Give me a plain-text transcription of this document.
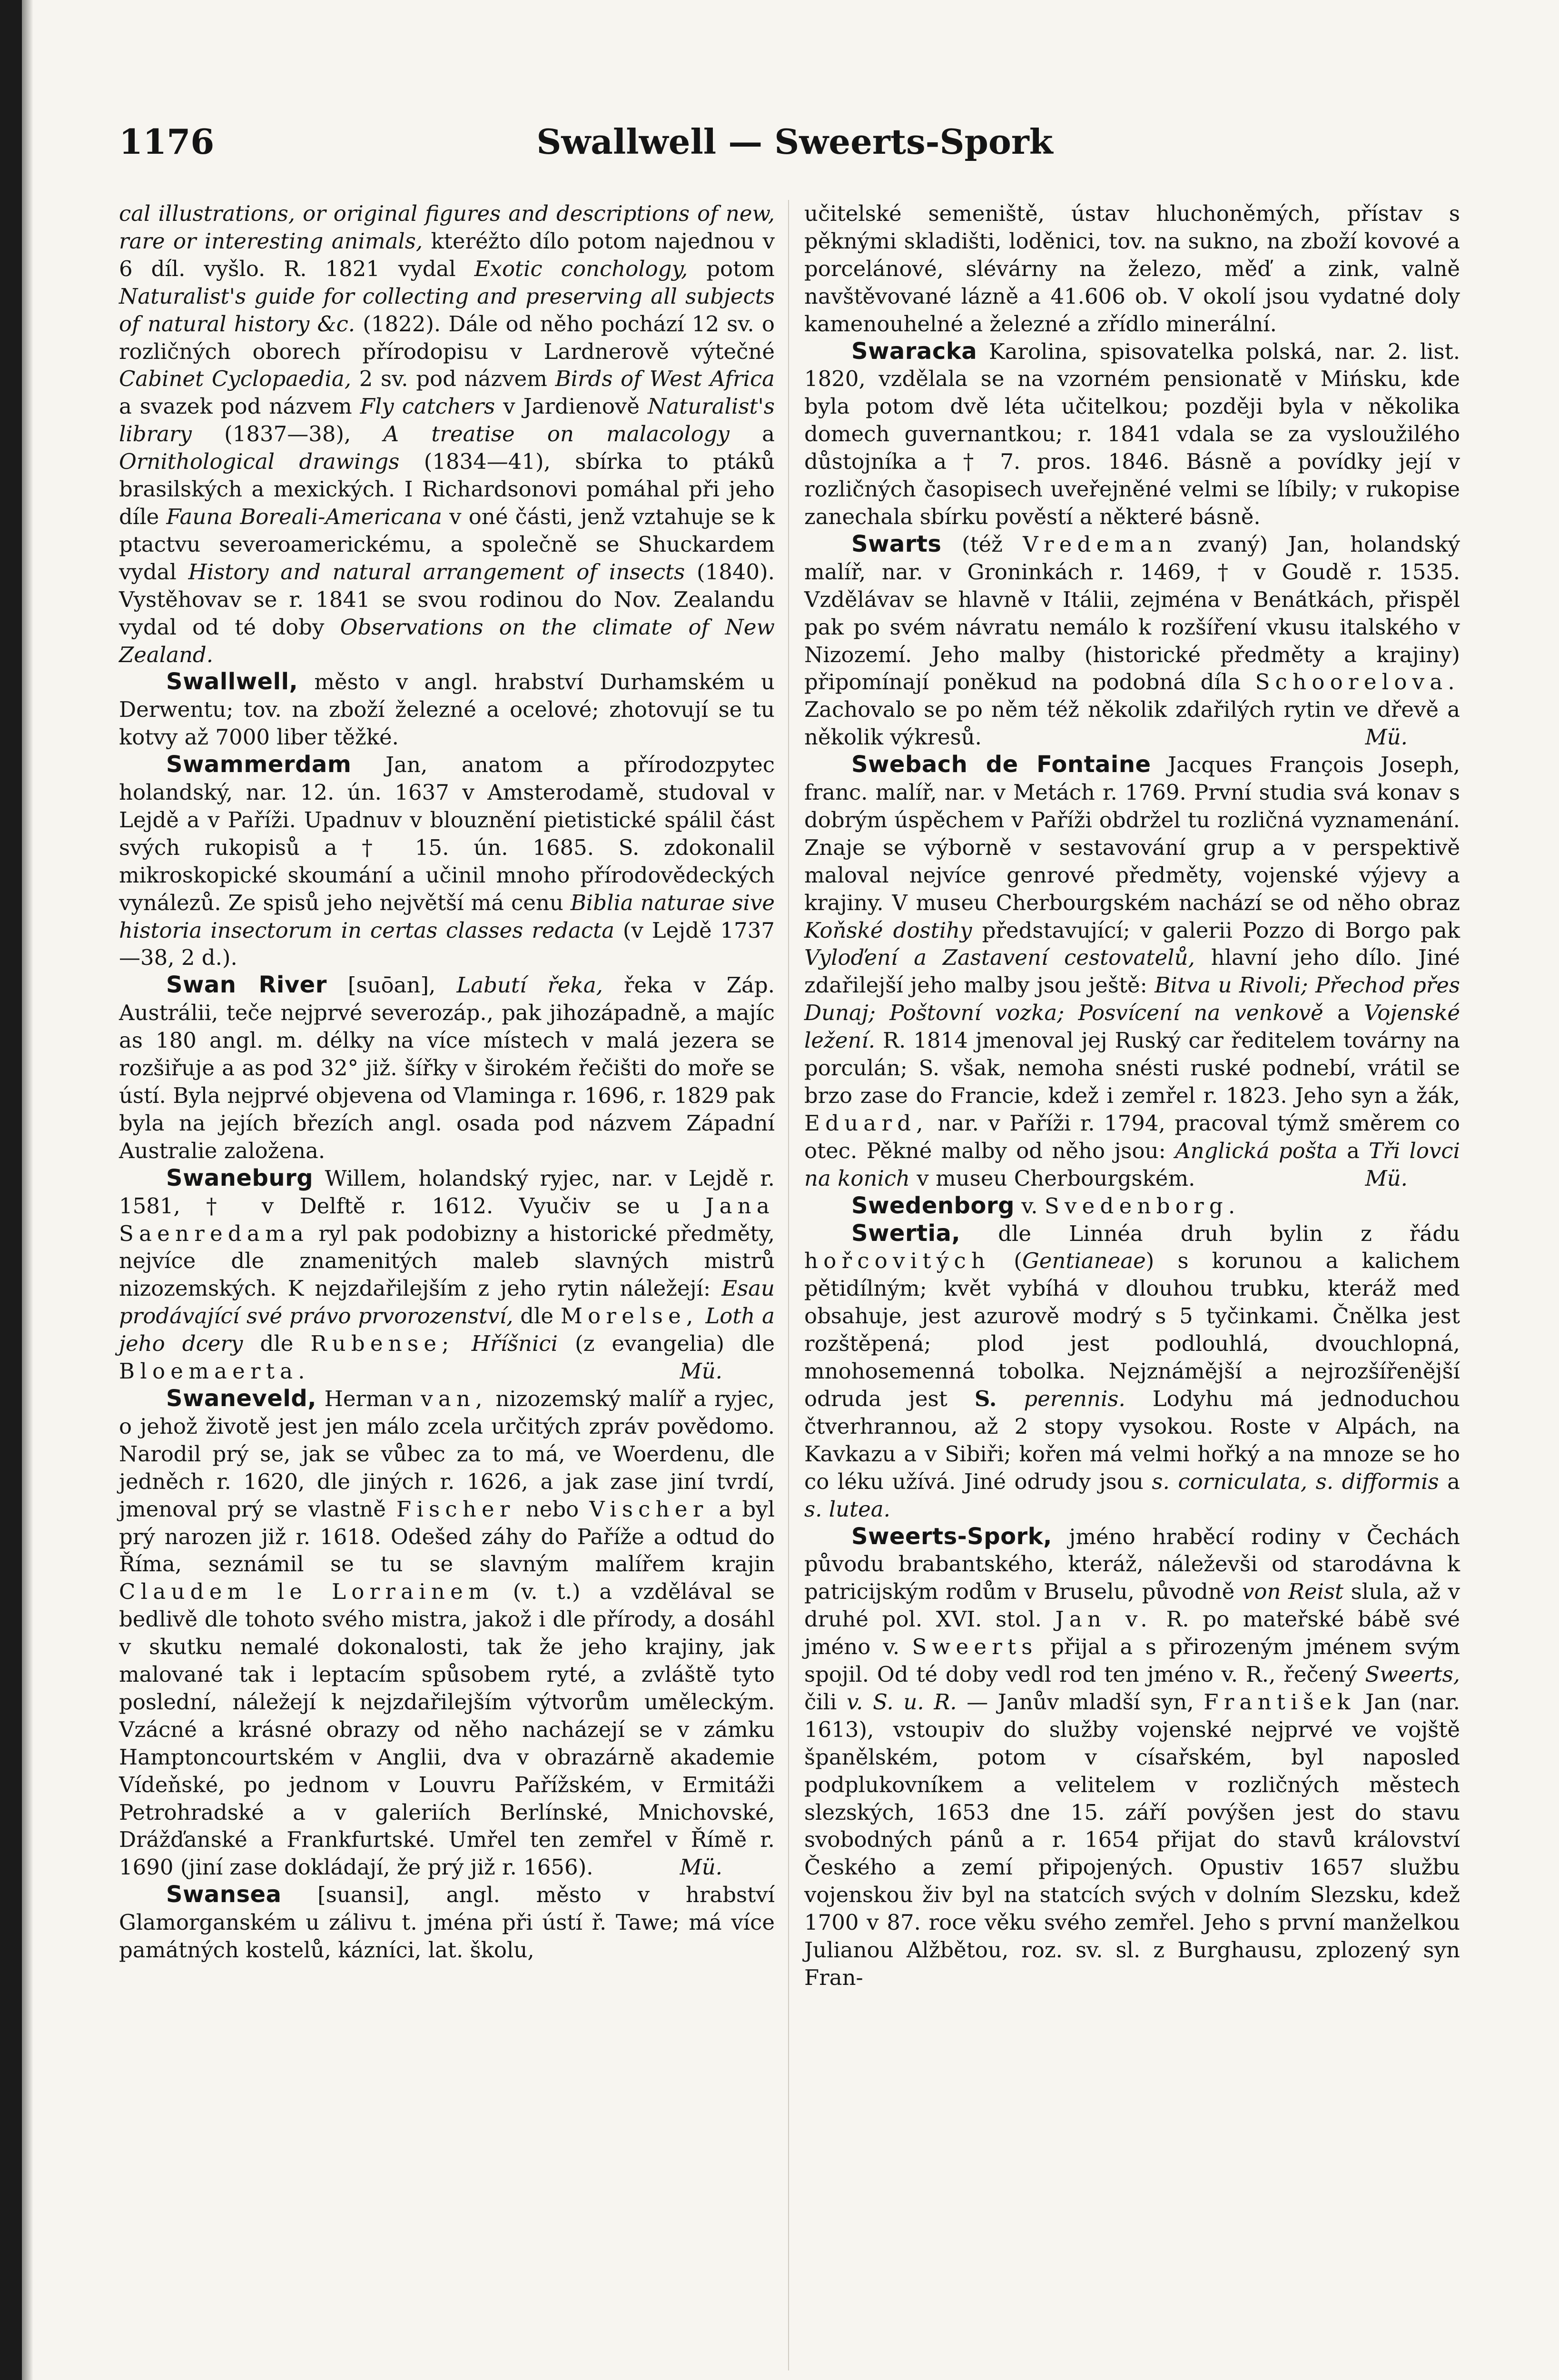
1176	Swallwell — Sweerts-Spork

cal illustrations, or original figures and descriptions of new, rare or interesting animals, kteréžto dílo potom najednou v 6 díl. vyšlo. R. 1821 vydal Exotic conchology, potom Naturalist's guide for collecting and preserving all subjects of natural history &c. (1822). Dále od něho pochází 12 sv. o rozličných oborech přírodopisu v Lardnerově výtečné Cabinet Cyclopaedia, 2 sv. pod názvem Birds of West Africa a svazek pod názvem Fly catchers v Jardienově Naturalist's library (1837—38), A treatise on malacology a Ornithological drawings (1834—41), sbírka to ptáků brasilských a mexických. I Richardsonovi pomáhal při jeho díle Fauna Boreali-Americana v oné části, jenž vztahuje se k ptactvu severoamerickému, a společně se Shuckardem vydal History and natural arrangement of insects (1840). Vystěhovav se r. 1841 se svou rodinou do Nov. Zealandu vydal od té doby Observations on the climate of New Zealand.

Swallwell, město v angl. hrabství Durhamském u Derwentu; tov. na zboží železné a ocelové; zhotovují se tu kotvy až 7000 liber těžké.

Swammerdam Jan, anatom a přírodozpytec holandský, nar. 12. ún. 1637 v Amsterodamě, studoval v Lejdě a v Paříži. Upadnuv v blouznění pietistické spálil část svých rukopisů a † 15. ún. 1685. S. zdokonalil mikroskopické skoumání a učinil mnoho přírodovědeckých vynálezů. Ze spisů jeho největší má cenu Biblia naturae sive historia insectorum in certas classes redacta (v Lejdě 1737 —38, 2 d.).

Swan River [suōan], Labutí řeka, řeka v Záp. Austrálii, teče nejprvé severozáp., pak jihozápadně, a majíc as 180 angl. m. délky na více místech v malá jezera se rozšiřuje a as pod 32° již. šířky v širokém řečišti do moře se ústí. Byla nejprvé objevena od Vlaminga r. 1696, r. 1829 pak byla na jejích březích angl. osada pod názvem Západní Australie založena.

Swaneburg Willem, holandský ryjec, nar. v Lejdě r. 1581, † v Delftě r. 1612. Vyučiv se u Jana Saenredama ryl pak podobizny a historické předměty, nejvíce dle znamenitých maleb slavných mistrů nizozemských. K nejzdařilejším z jeho rytin náležejí: Esau prodávající své právo prvorozenství, dle Morelse, Loth a jeho dcery dle Rubense; Hříšnici (z evangelia) dle Bloemaerta.	Mü.

Swaneveld, Herman van, nizozemský malíř a ryjec, o jehož životě jest jen málo zcela určitých zpráv povědomo. Narodil prý se, jak se vůbec za to má, ve Woerdenu, dle jedněch r. 1620, dle jiných r. 1626, a jak zase jiní tvrdí, jmenoval prý se vlastně Fischer nebo Vischer a byl prý narozen již r. 1618. Odešed záhy do Paříže a odtud do Říma, seznámil se tu se slavným malířem krajin Claudem le Lorrainem (v. t.) a vzdělával se bedlivě dle tohoto svého mistra, jakož i dle přírody, a dosáhl v skutku nemalé dokonalosti, tak že jeho krajiny, jak malované tak i leptacím spůsobem ryté, a zvláště tyto poslední, náležejí k nejzdařilejším výtvorům uměleckým. Vzácné a krásné obrazy od něho nacházejí se v zámku Hamptoncourtském v Anglii, dva v obrazárně akademie Vídeňské, po jednom v Louvru Pařížském, v Ermitáži Petrohradské a v galeriích Berlínské, Mnichovské, Drážďanské a Frankfurtské. Umřel ten zemřel v Římě r. 1690 (jiní zase dokládají, že prý již r. 1656).	Mü.

Swansea [suansi], angl. město v hrabství Glamorganském u zálivu t. jména při ústí ř. Tawe; má více památných kostelů, kázníci, lat. školu,

učitelské semeniště, ústav hluchoněmých, přístav s pěknými skladišti, loděnici, tov. na sukno, na zboží kovové a porcelánové, slévárny na železo, měď a zink, valně navštěvované lázně a 41.606 ob. V okolí jsou vydatné doly kamenouhelné a železné a zřídlo minerální.

Swaracka Karolina, spisovatelka polská, nar. 2. list. 1820, vzdělala se na vzorném pensionatě v Mińsku, kde byla potom dvě léta učitelkou; později byla v několika domech guvernantkou; r. 1841 vdala se za vysloužilého důstojníka a † 7. pros. 1846. Básně a povídky její v rozličných časopisech uveřejněné velmi se líbily; v rukopise zanechala sbírku pověstí a některé básně.

Swarts (též Vredeman zvaný) Jan, holandský malíř, nar. v Groninkách r. 1469, † v Goudě r. 1535. Vzdělávav se hlavně v Itálii, zejména v Benátkách, přispěl pak po svém návratu nemálo k rozšíření vkusu italského v Nizozemí. Jeho malby (historické předměty a krajiny) připomínají poněkud na podobná díla Schoorelova. Zachovalo se po něm též několik zdařilých rytin ve dřevě a několik výkresů.	Mü.

Swebach de Fontaine Jacques François Joseph, franc. malíř, nar. v Metách r. 1769. První studia svá konav s dobrým úspěchem v Paříži obdržel tu rozličná vyznamenání. Znaje se výborně v sestavování grup a v perspektivě maloval nejvíce genrové předměty, vojenské výjevy a krajiny. V museu Cherbourgském nachází se od něho obraz Koňské dostihy představující; v galerii Pozzo di Borgo pak Vyloďení a Zastavení cestovatelů, hlavní jeho dílo. Jiné zdařilejší jeho malby jsou ještě: Bitva u Rivoli; Přechod přes Dunaj; Poštovní vozka; Posvícení na venkově a Vojenské ležení. R. 1814 jmenoval jej Ruský car ředitelem továrny na porculán; S. však, nemoha snésti ruské podnebí, vrátil se brzo zase do Francie, kdež i zemřel r. 1823. Jeho syn a žák, Eduard, nar. v Paříži r. 1794, pracoval týmž směrem co otec. Pěkné malby od něho jsou: Anglická pošta a Tři lovci na konich v museu Cherbourgském.	Mü.

Swedenborg v. Svedenborg.

Swertia, dle Linnéa druh bylin z řádu hořcovitých (Gentianeae) s korunou a kalichem pětidílným; květ vybíhá v dlouhou trubku, kteráž med obsahuje, jest azurově modrý s 5 tyčinkami. Čnělka jest rozštěpená; plod jest podlouhlá, dvouchlopná, mnohosemenná tobolka. Nejznámější a nejrozšířenější odruda jest S. perennis. Lodyhu má jednoduchou čtverhrannou, až 2 stopy vysokou. Roste v Alpách, na Kavkazu a v Sibiři; kořen má velmi hořký a na mnoze se ho co léku užívá. Jiné odrudy jsou s. corniculata, s. difformis a s. lutea.

Sweerts-Spork, jméno hraběcí rodiny v Čechách původu brabantského, kteráž, náleževši od starodávna k patricijským rodům v Bruselu, původně von Reist slula, až v druhé pol. XVI. stol. Jan v. R. po mateřské bábě své jméno v. Sweerts přijal a s přirozeným jménem svým spojil. Od té doby vedl rod ten jméno v. R., řečený Sweerts, čili v. S. u. R. — Janův mladší syn, František Jan (nar. 1613), vstoupiv do služby vojenské nejprvé ve vojště španělském, potom v císařském, byl naposled podplukovníkem a velitelem v rozličných městech slezských, 1653 dne 15. září povýšen jest do stavu svobodných pánů a r. 1654 přijat do stavů království Českého a zemí připojených. Opustiv 1657 službu vojenskou živ byl na statcích svých v dolním Slezsku, kdež 1700 v 87. roce věku svého zemřel. Jeho s první manželkou Julianou Alžbětou, roz. sv. sl. z Burghausu, zplozený syn Fran-
